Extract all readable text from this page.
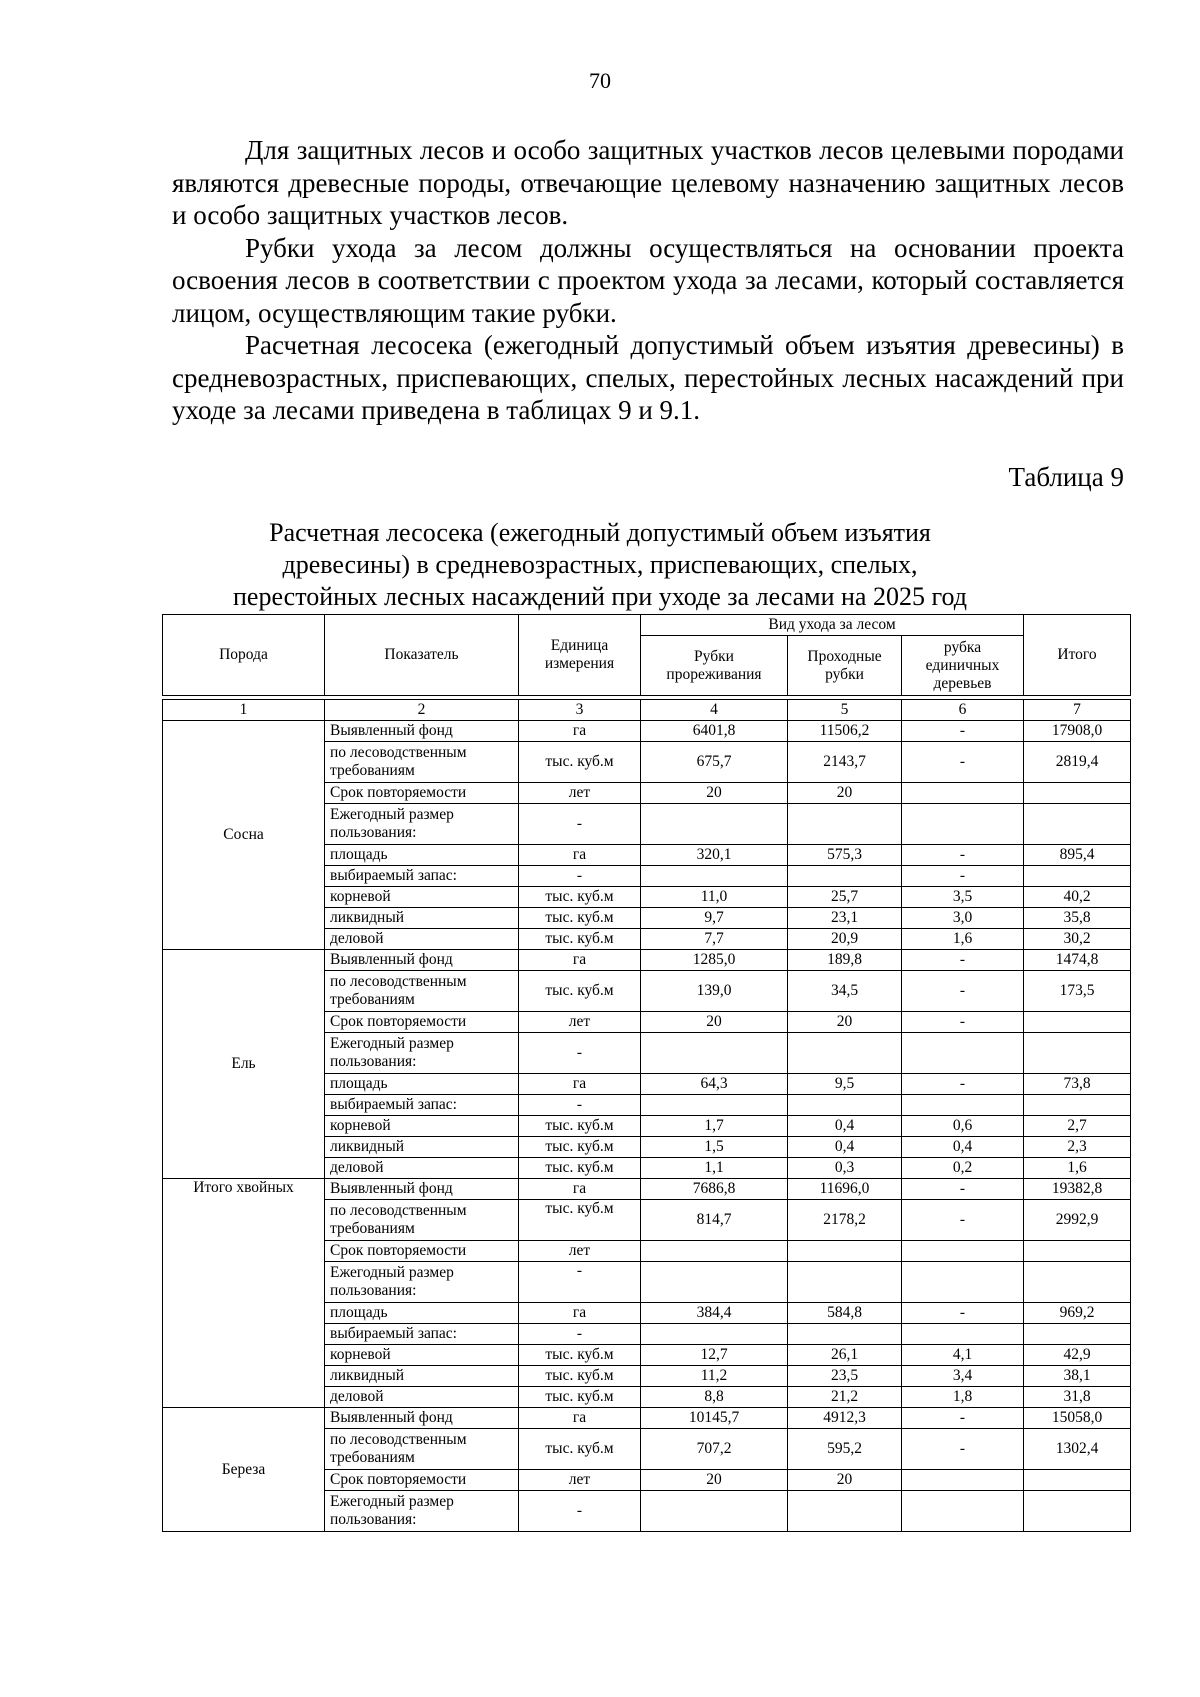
70

Для защитных лесов и особо защитных участков лесов целевыми породами являются древесные породы, отвечающие целевому назначению защитных лесов и особо защитных участков лесов.

Рубки ухода за лесом должны осуществляться на основании проекта освоения лесов в соответствии с проектом ухода за лесами, который составляется лицом, осуществляющим такие рубки.

Расчетная лесосека (ежегодный допустимый объем изъятия древесины) в средневозрастных, приспевающих, спелых, перестойных лесных насаждений при уходе за лесами приведена в таблицах 9 и 9.1.

Таблица 9
Расчетная лесосека (ежегодный допустимый объем изъятия
древесины) в средневозрастных, приспевающих, спелых,
перестойных лесных насаждений при уходе за лесами на 2025 год
Порода	Показатель	Единица измерения	Вид ухода за лесом			Итого
			Рубки прореживания	Проходные рубки	рубка единичных деревьев	

1	2	3	4	5	6	7
Сосна	Выявленный фонд	га	6401,8	11506,2	-	17908,0
	по лесоводственным требованиям	тыс. куб.м	675,7	2143,7	-	2819,4
	Срок повторяемости	лет	20	20		
	Ежегодный размер пользования:	-				
	площадь	га	320,1	575,3	-	895,4
	выбираемый запас:	-			-	
	корневой	тыс. куб.м	11,0	25,7	3,5	40,2
	ликвидный	тыс. куб.м	9,7	23,1	3,0	35,8
	деловой	тыс. куб.м	7,7	20,9	1,6	30,2
Ель	Выявленный фонд	га	1285,0	189,8	-	1474,8
	по лесоводственным требованиям	тыс. куб.м	139,0	34,5	-	173,5
	Срок повторяемости	лет	20	20	-	
	Ежегодный размер пользования:	-				
	площадь	га	64,3	9,5	-	73,8
	выбираемый запас:	-				
	корневой	тыс. куб.м	1,7	0,4	0,6	2,7
	ликвидный	тыс. куб.м	1,5	0,4	0,4	2,3
	деловой	тыс. куб.м	1,1	0,3	0,2	1,6
Итого хвойных	Выявленный фонд	га	7686,8	11696,0	-	19382,8
	по лесоводственным требованиям	тыс. куб.м	814,7	2178,2	-	2992,9
	Срок повторяемости	лет				
	Ежегодный размер пользования:	-				
	площадь	га	384,4	584,8	-	969,2
	выбираемый запас:	-				
	корневой	тыс. куб.м	12,7	26,1	4,1	42,9
	ликвидный	тыс. куб.м	11,2	23,5	3,4	38,1
	деловой	тыс. куб.м	8,8	21,2	1,8	31,8
Береза	Выявленный фонд	га	10145,7	4912,3	-	15058,0
	по лесоводственным требованиям	тыс. куб.м	707,2	595,2	-	1302,4
	Срок повторяемости	лет	20	20		
	Ежегодный размер пользования:	-				
